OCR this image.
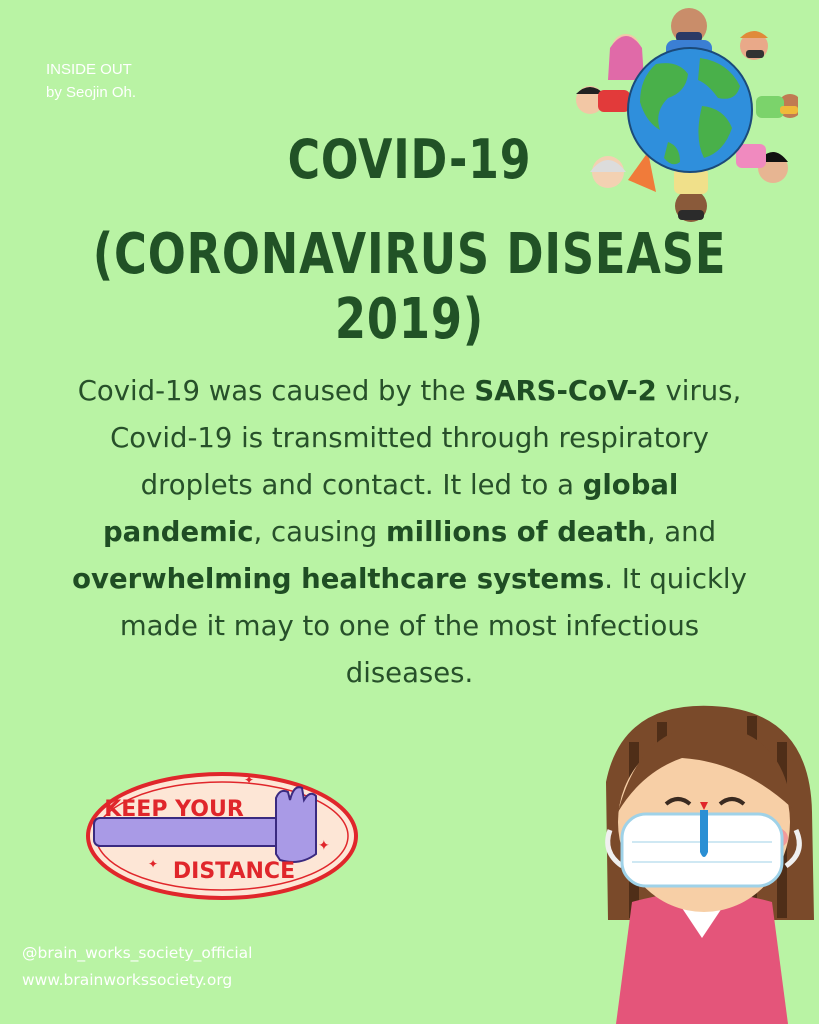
INSIDE OUT
by Seojin Oh.
COVID-19
(CORONAVIRUS DISEASE 2019)
Covid-19 was caused by the SARS-CoV-2 virus, Covid-19 is transmitted through respiratory droplets and contact. It led to a global pandemic, causing millions of death, and overwhelming healthcare systems. It quickly made it may to one of the most infectious diseases.
KEEP YOUR
DISTANCE
✦
✦
✦
@brain_works_society_official
www.brainworkssociety.org
